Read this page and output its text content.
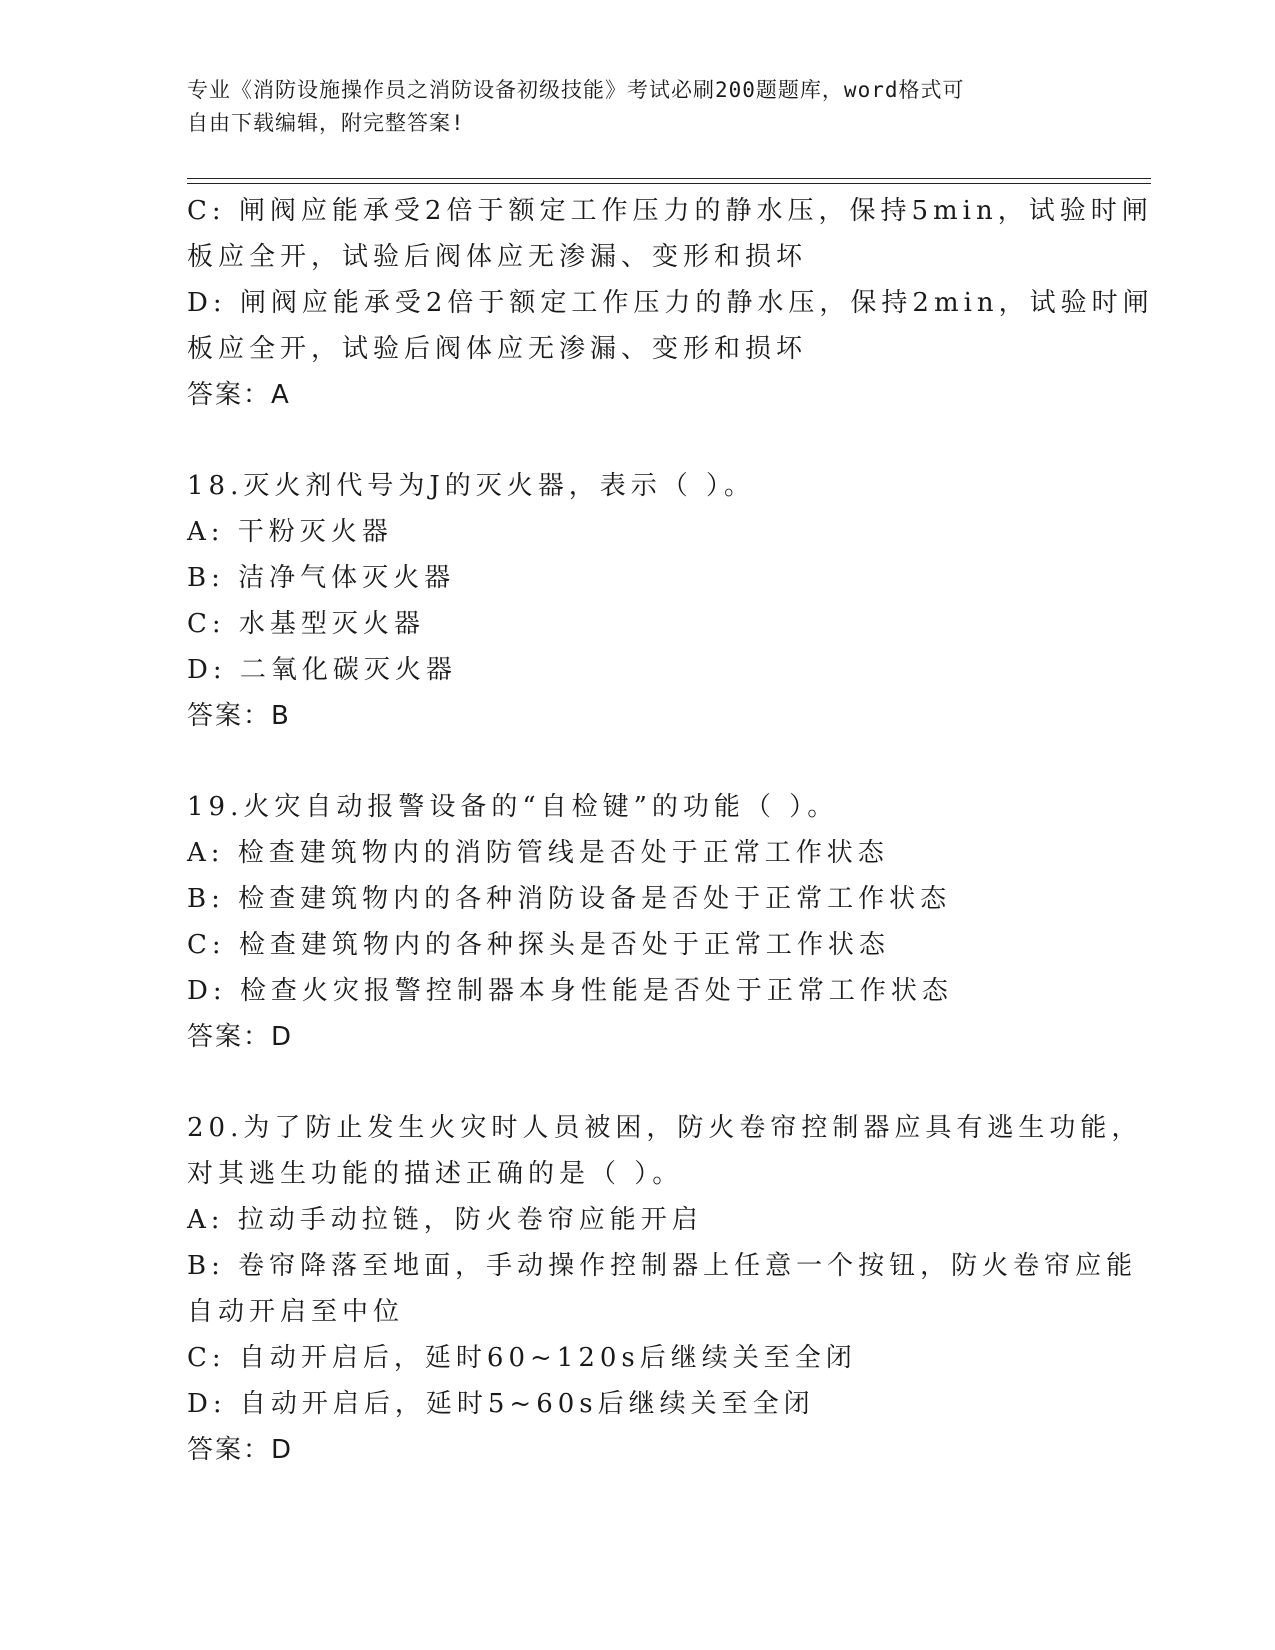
专业《消防设施操作员之消防设备初级技能》考试必刷200题题库，word格式可
自由下载编辑，附完整答案!
C: 闸阀应能承受2倍于额定工作压力的静水压，保持5min，试验时闸
板应全开，试验后阀体应无渗漏、变形和损坏
D: 闸阀应能承受2倍于额定工作压力的静水压，保持2min，试验时闸
板应全开，试验后阀体应无渗漏、变形和损坏
答案：A
18.灭火剂代号为J的灭火器，表示（ ）。
A: 干粉灭火器
B: 洁净气体灭火器
C: 水基型灭火器
D: 二氧化碳灭火器
答案：B
19.火灾自动报警设备的“自检键”的功能（ ）。
A: 检查建筑物内的消防管线是否处于正常工作状态
B: 检查建筑物内的各种消防设备是否处于正常工作状态
C: 检查建筑物内的各种探头是否处于正常工作状态
D: 检查火灾报警控制器本身性能是否处于正常工作状态
答案：D
20.为了防止发生火灾时人员被困，防火卷帘控制器应具有逃生功能，
对其逃生功能的描述正确的是（ ）。
A: 拉动手动拉链，防火卷帘应能开启
B: 卷帘降落至地面，手动操作控制器上任意一个按钮，防火卷帘应能
自动开启至中位
C: 自动开启后，延时60~120s后继续关至全闭
D: 自动开启后，延时5~60s后继续关至全闭
答案：D
